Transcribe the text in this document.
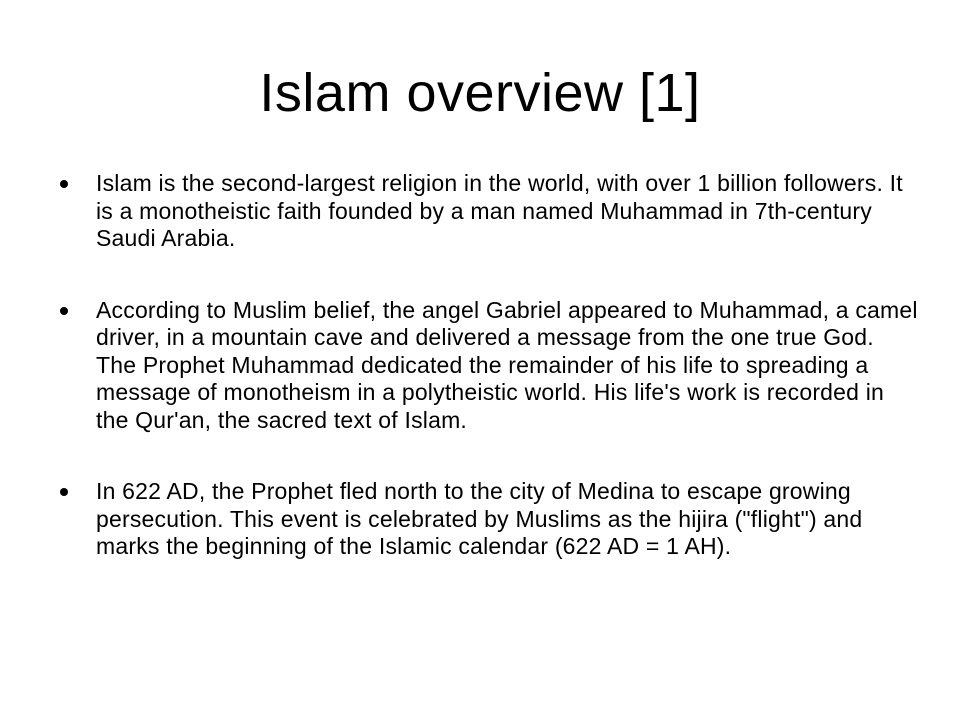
Islam overview [1]
Islam is the second-largest religion in the world, with over 1 billion followers. It is a monotheistic faith founded by a man named Muhammad in 7th-century Saudi Arabia.
According to Muslim belief, the angel Gabriel appeared to Muhammad, a camel driver, in a mountain cave and delivered a message from the one true God. The Prophet Muhammad dedicated the remainder of his life to spreading a message of monotheism in a polytheistic world. His life's work is recorded in the Qur'an, the sacred text of Islam.
In 622 AD, the Prophet fled north to the city of Medina to escape growing persecution. This event is celebrated by Muslims as the hijira ("flight") and marks the beginning of the Islamic calendar (622 AD = 1 AH).
